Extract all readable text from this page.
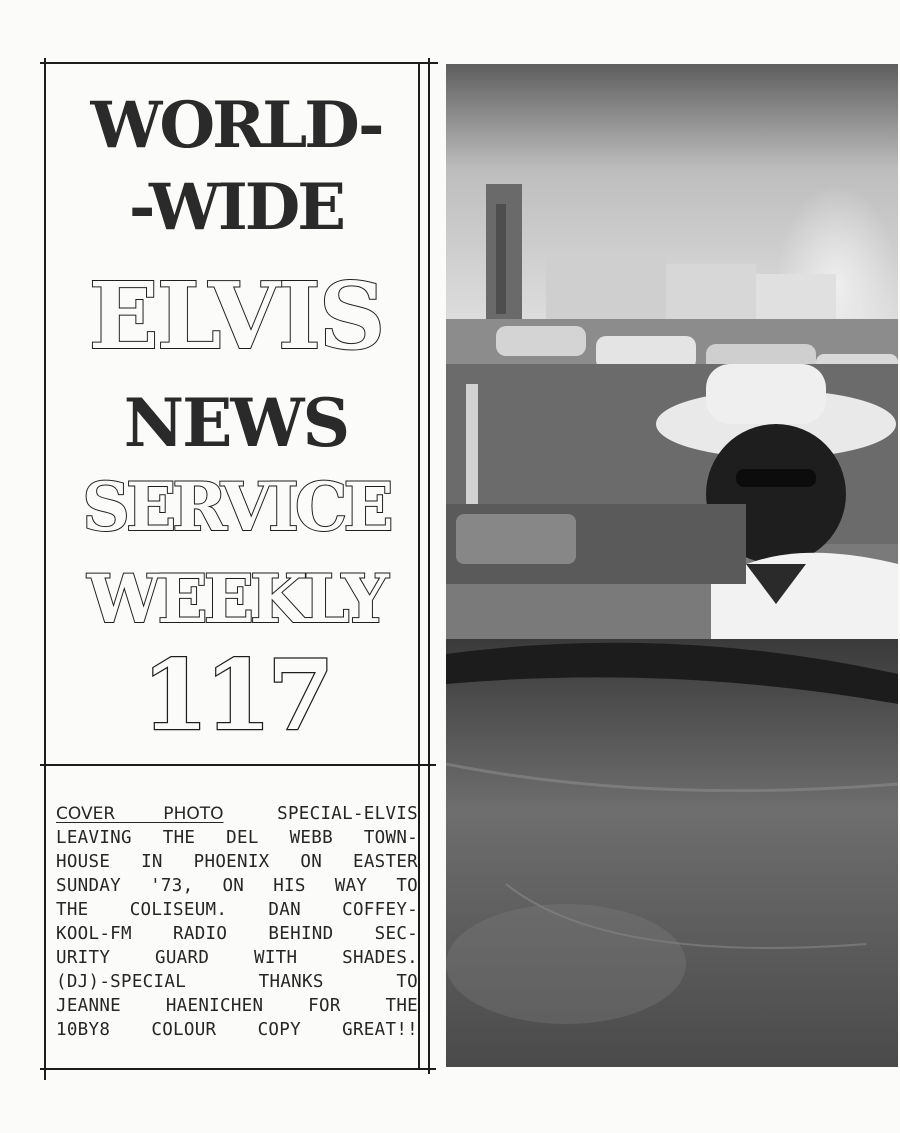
WORLD-
-WIDE
ELVIS
NEWS
SERVICE
WEEKLY
117
COVER PHOTO	SPECIAL-ELVIS
LEAVING THE DEL WEBB TOWN-
HOUSE IN PHOENIX ON EASTER
SUNDAY '73, ON HIS WAY TO
THE COLISEUM. DAN COFFEY-
KOOL-FM RADIO BEHIND SEC-
URITY GUARD WITH SHADES.
(DJ)-SPECIAL THANKS TO
JEANNE HAENICHEN FOR THE
10BY8 COLOUR COPY GREAT!!
